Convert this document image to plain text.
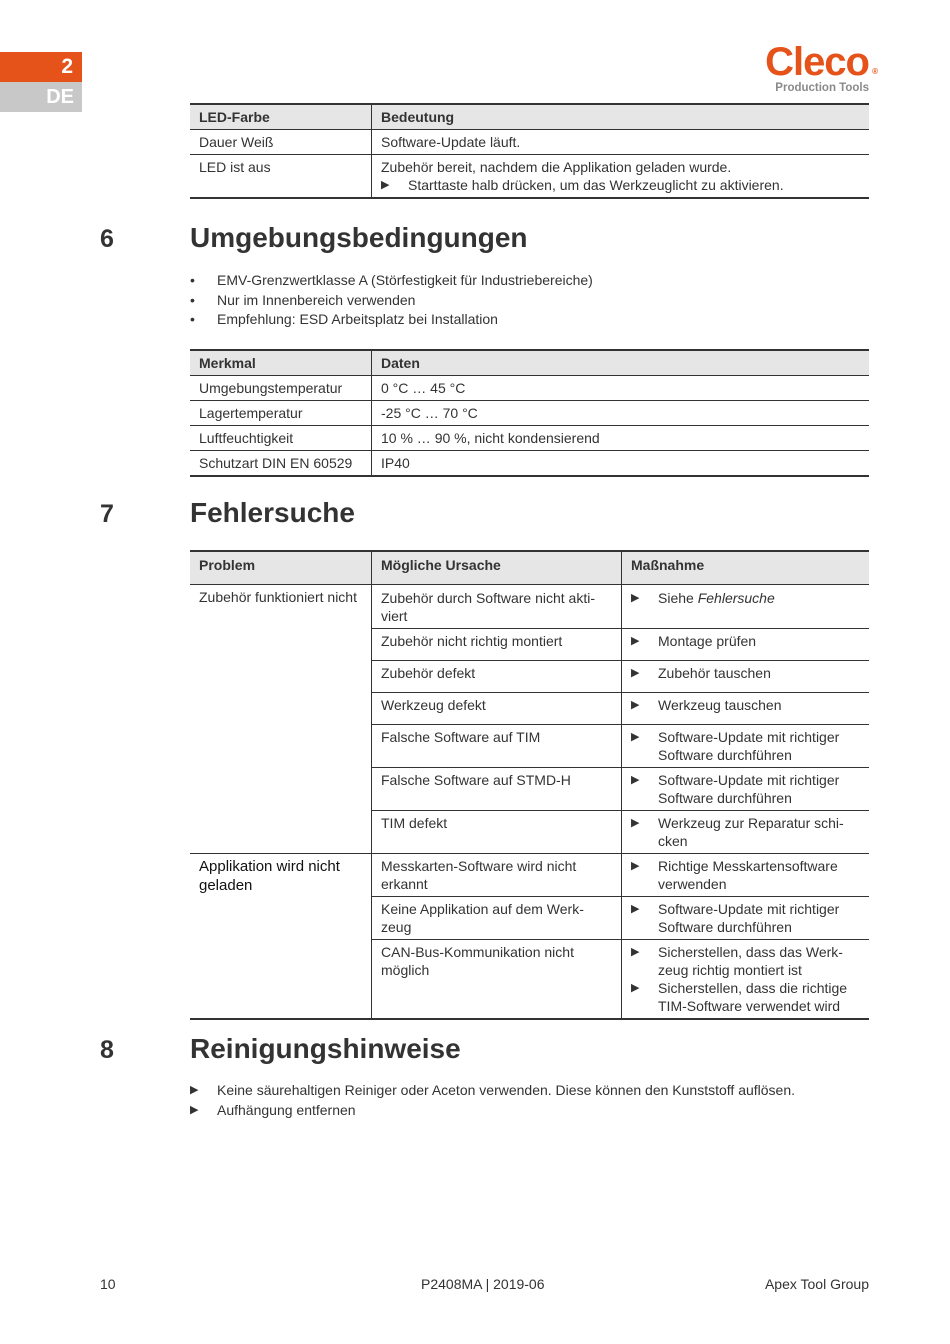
2
DE
Cleco ®
Production Tools
LED-Farbe	Bedeutung
Dauer Weiß	Software-Update läuft.
LED ist aus	Zubehör bereit, nachdem die Applikation geladen wurde.
▶ Starttaste halb drücken, um das Werkzeuglicht zu aktivieren.
6	Umgebungsbedingungen
•	EMV-Grenzwertklasse A (Störfestigkeit für Industriebereiche)
•	Nur im Innenbereich verwenden
•	Empfehlung: ESD Arbeitsplatz bei Installation
Merkmal	Daten
Umgebungstemperatur	0 °C … 45 °C
Lagertemperatur	-25 °C … 70 °C
Luftfeuchtigkeit	10 % … 90 %, nicht kondensierend
Schutzart DIN EN 60529	IP40
7	Fehlersuche
Problem	Mögliche Ursache	Maßnahme
Zubehör funktioniert nicht	Zubehör durch Software nicht akti-viert	▶ Siehe Fehlersuche

	Zubehör nicht richtig montiert	▶ Montage prüfen

	Zubehör defekt	▶ Zubehör tauschen

	Werkzeug defekt	▶ Werkzeug tauschen

	Falsche Software auf TIM	▶ Software-Update mit richtiger Software durchführen

	Falsche Software auf STMD-H	▶ Software-Update mit richtiger Software durchführen

	TIM defekt	▶ Werkzeug zur Reparatur schi-cken

Applikation wird nicht geladen	Messkarten-Software wird nicht erkannt	▶ Richtige Messkartensoftware verwenden

	Keine Applikation auf dem Werk-zeug	▶ Software-Update mit richtiger Software durchführen

	CAN-Bus-Kommunikation nicht möglich	▶ Sicherstellen, dass das Werk-zeug richtig montiert ist
▶ Sicherstellen, dass die richtige TIM-Software verwendet wird
8	Reinigungshinweise
▶	Keine säurehaltigen Reiniger oder Aceton verwenden. Diese können den Kunststoff auflösen.
▶	Aufhängung entfernen
10	P2408MA | 2019-06	Apex Tool Group
